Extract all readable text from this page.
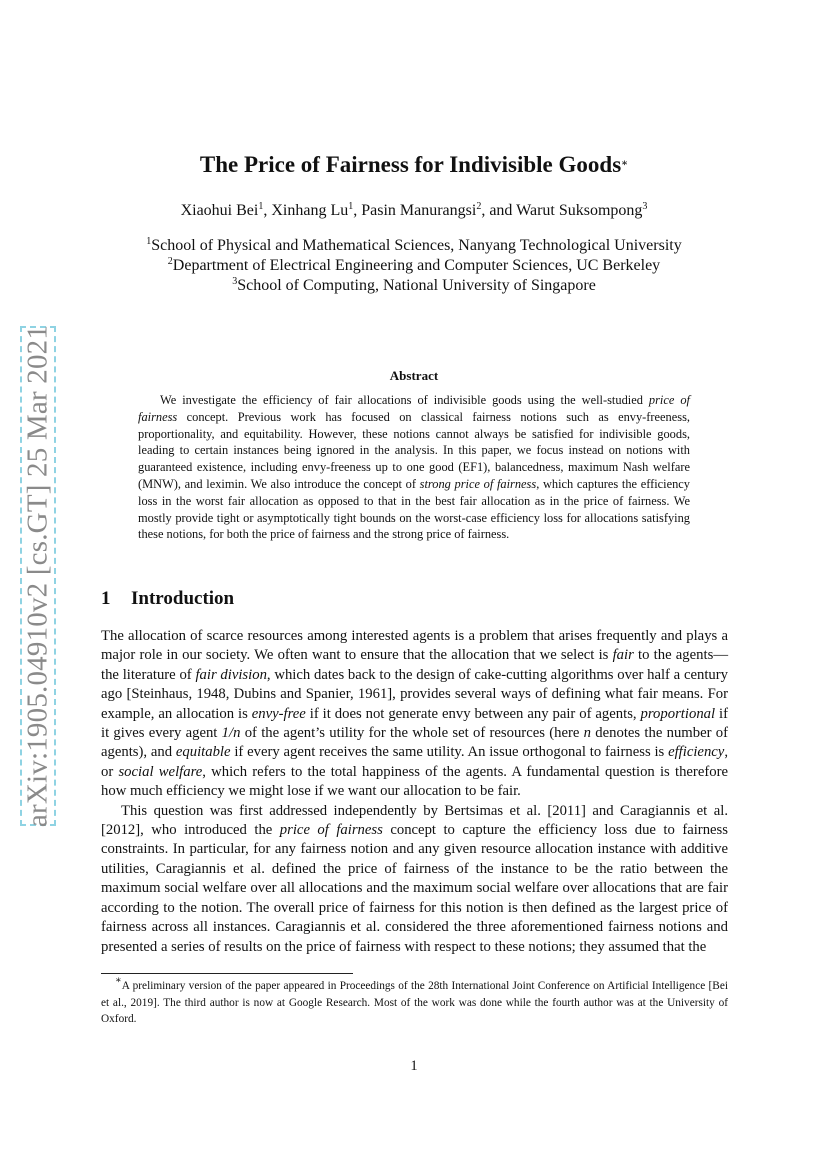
arXiv:1905.04910v2 [cs.GT] 25 Mar 2021
The Price of Fairness for Indivisible Goods∗
Xiaohui Bei$^1$, Xinhang Lu$^1$, Pasin Manurangsi$^2$, and Warut Suksompong$^3$
$^1$School of Physical and Mathematical Sciences, Nanyang Technological University
$^2$Department of Electrical Engineering and Computer Sciences, UC Berkeley
$^3$School of Computing, National University of Singapore
Abstract

We investigate the efficiency of fair allocations of indivisible goods using the well-studied price of fairness concept. Previous work has focused on classical fairness notions such as envy-freeness, proportionality, and equitability. However, these notions cannot always be satisfied for indivisible goods, leading to certain instances being ignored in the analysis. In this paper, we focus instead on notions with guaranteed existence, including envy-freeness up to one good (EF1), balancedness, maximum Nash welfare (MNW), and leximin. We also introduce the concept of strong price of fairness, which captures the efficiency loss in the worst fair allocation as opposed to that in the best fair allocation as in the price of fairness. We mostly provide tight or asymptotically tight bounds on the worst-case efficiency loss for allocations satisfying these notions, for both the price of fairness and the strong price of fairness.

1 Introduction

The allocation of scarce resources among interested agents is a problem that arises frequently and plays a major role in our society. We often want to ensure that the allocation that we select is fair to the agents—the literature of fair division, which dates back to the design of cake-cutting algorithms over half a century ago [Steinhaus, 1948, Dubins and Spanier, 1961], provides several ways of defining what fair means. For example, an allocation is envy-free if it does not generate envy between any pair of agents, proportional if it gives every agent 1/n of the agent’s utility for the whole set of resources (here n denotes the number of agents), and equitable if every agent receives the same utility. An issue orthogonal to fairness is efficiency, or social welfare, which refers to the total happiness of the agents. A fundamental question is therefore how much efficiency we might lose if we want our allocation to be fair.

This question was first addressed independently by Bertsimas et al. [2011] and Caragiannis et al. [2012], who introduced the price of fairness concept to capture the efficiency loss due to fairness constraints. In particular, for any fairness notion and any given resource allocation instance with additive utilities, Caragiannis et al. defined the price of fairness of the instance to be the ratio between the maximum social welfare over all allocations and the maximum social welfare over allocations that are fair according to the notion. The overall price of fairness for this notion is then defined as the largest price of fairness across all instances. Caragiannis et al. considered the three aforementioned fairness notions and presented a series of results on the price of fairness with respect to these notions; they assumed that the

∗A preliminary version of the paper appeared in Proceedings of the 28th International Joint Conference on Artificial Intelligence [Bei et al., 2019]. The third author is now at Google Research. Most of the work was done while the fourth author was at the University of Oxford.

1
